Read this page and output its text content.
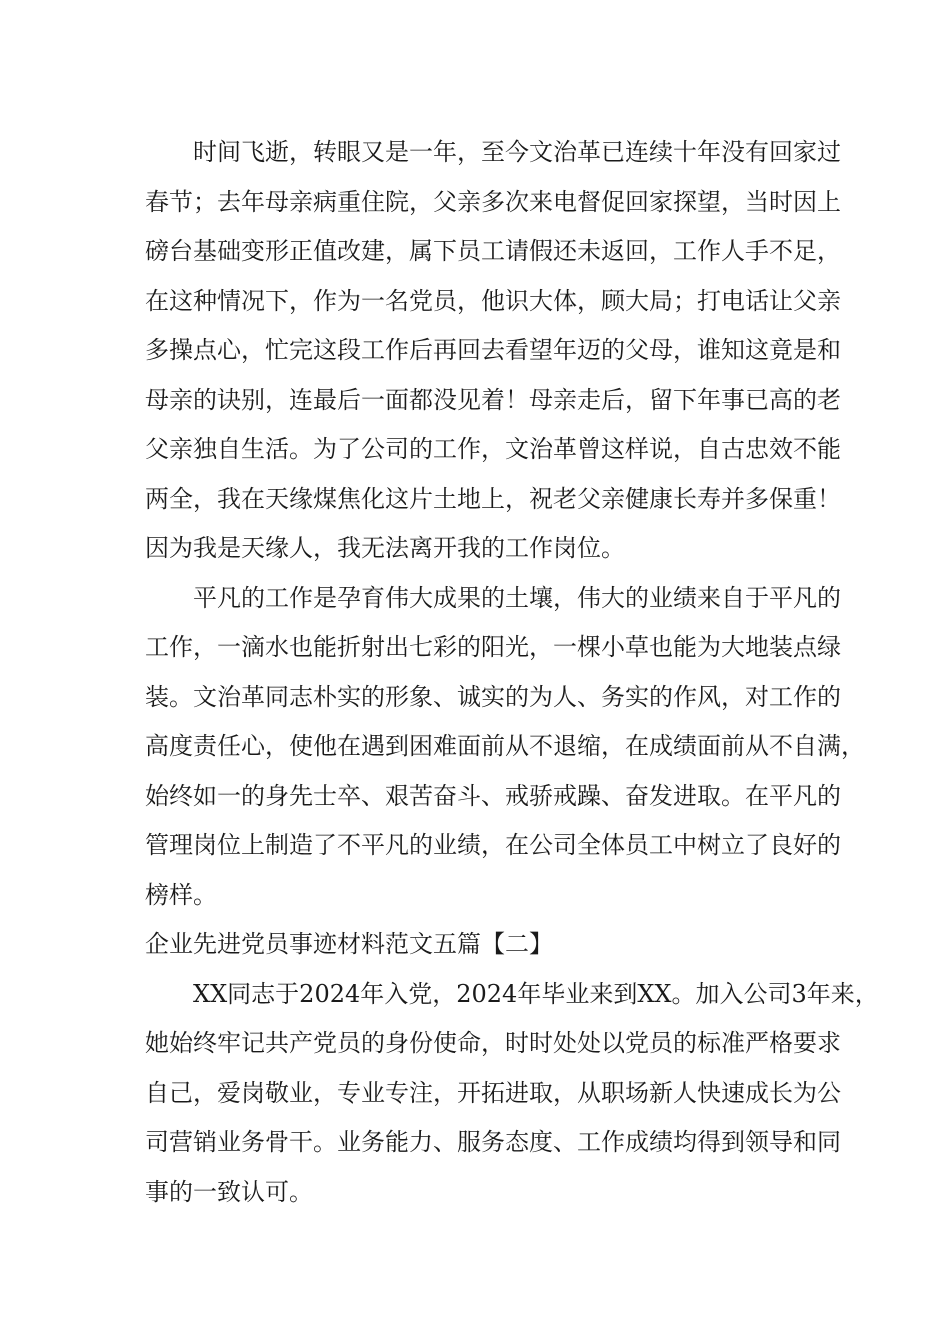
时间飞逝，转眼又是一年，至今文治革已连续十年没有回家过
春节；去年母亲病重住院，父亲多次来电督促回家探望，当时因上
磅台基础变形正值改建，属下员工请假还未返回，工作人手不足，
在这种情况下，作为一名党员，他识大体，顾大局；打电话让父亲
多操点心，忙完这段工作后再回去看望年迈的父母，谁知这竟是和
母亲的诀别，连最后一面都没见着！母亲走后，留下年事已高的老
父亲独自生活。为了公司的工作，文治革曾这样说，自古忠效不能
两全，我在天缘煤焦化这片土地上，祝老父亲健康长寿并多保重！
因为我是天缘人，我无法离开我的工作岗位。
平凡的工作是孕育伟大成果的土壤，伟大的业绩来自于平凡的
工作，一滴水也能折射出七彩的阳光，一棵小草也能为大地装点绿
装。文治革同志朴实的形象、诚实的为人、务实的作风，对工作的
高度责任心，使他在遇到困难面前从不退缩，在成绩面前从不自满，
始终如一的身先士卒、艰苦奋斗、戒骄戒躁、奋发进取。在平凡的
管理岗位上制造了不平凡的业绩，在公司全体员工中树立了良好的
榜样。
企业先进党员事迹材料范文五篇【二】
XX同志于2024年入党，2024年毕业来到XX。加入公司3年来，
她始终牢记共产党员的身份使命，时时处处以党员的标准严格要求
自己，爱岗敬业，专业专注，开拓进取，从职场新人快速成长为公
司营销业务骨干。业务能力、服务态度、工作成绩均得到领导和同
事的一致认可。
